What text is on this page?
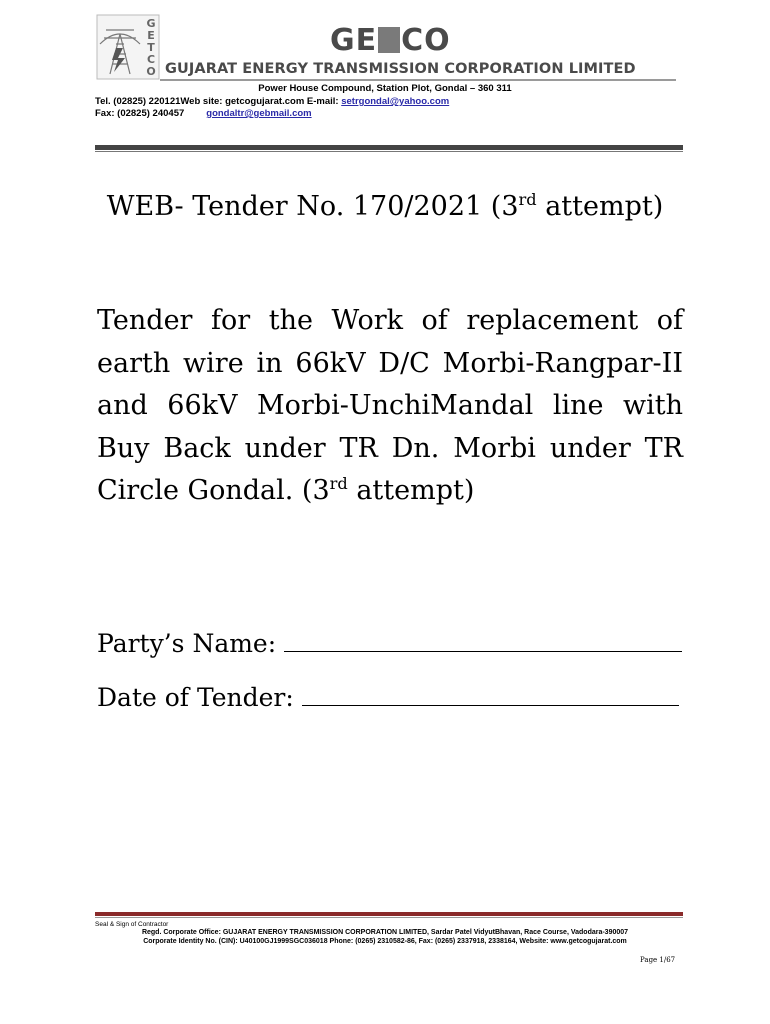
G
E
T
C
O
GE CO
GUJARAT ENERGY TRANSMISSION CORPORATION LIMITED
Power House Compound, Station Plot, Gondal – 360 311
Tel. (02825) 220121Web site: getcogujarat.com E-mail: setrgondal@yahoo.com
Fax: (02825) 240457 gondaltr@gebmail.com
WEB- Tender No. 170/2021 (3rd attempt)
Tender for the Work of replacement of earth wire in 66kV D/C Morbi-Rangpar-II and 66kV Morbi-UnchiMandal line with Buy Back under TR Dn. Morbi under TR Circle Gondal. (3rd attempt)
Party’s Name:
Date of Tender:
Seal & Sign of Contractor
Regd. Corporate Office: GUJARAT ENERGY TRANSMISSION CORPORATION LIMITED, Sardar Patel VidyutBhavan, Race Course, Vadodara-390007
Corporate Identity No. (CIN): U40100GJ1999SGC036018 Phone: (0265) 2310582-86, Fax: (0265) 2337918, 2338164, Website: www.getcogujarat.com
Page 1/67
